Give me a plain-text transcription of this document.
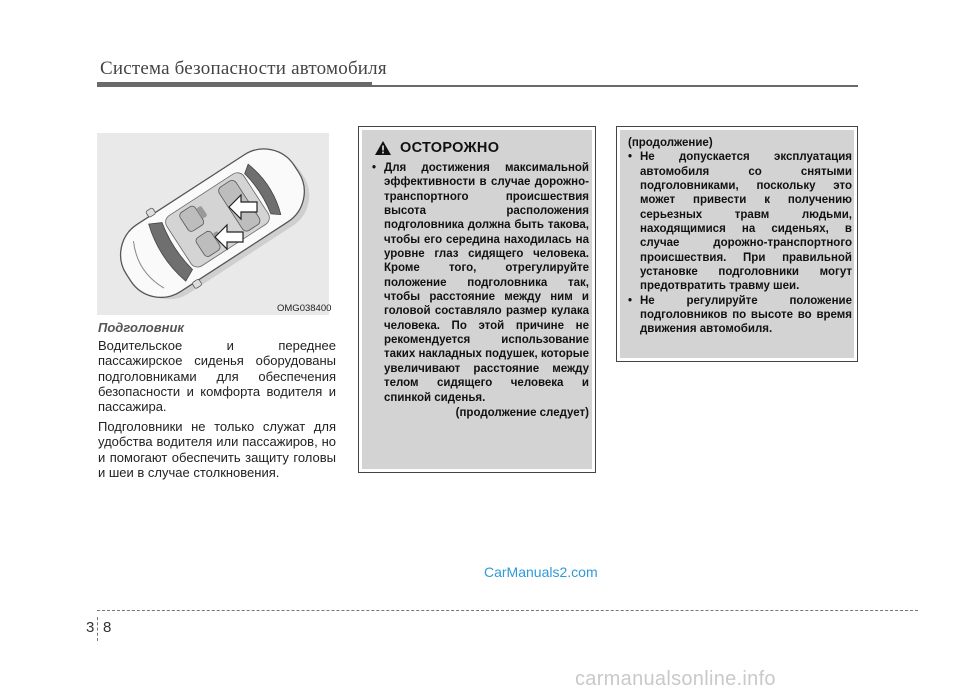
Система безопасности автомобиля
OMG038400
Подголовник

Водительское и переднее пассажирское сиденья оборудованы подголовниками для обеспечения безопасности и комфорта водителя и пассажира.

Подголовники не только служат для удобства водителя или пассажиров, но и помогают обеспечить защиту головы и шеи в случае столкновения.

ОСТОРОЖНО
• Для достижения максимальной эффективности в случае дорожно-транспортного происшествия высота расположения подголовника должна быть такова, чтобы его середина находилась на уровне глаз сидящего человека. Кроме того, отрегулируйте положение подголовника так, чтобы расстояние между ним и головой составляло размер кулака человека. По этой причине не рекомендуется использование таких накладных подушек, которые увеличивают расстояние между телом сидящего человека и спинкой сиденья.
(продолжение следует)
(продолжение)
• Не допускается эксплуатация автомобиля со снятыми подголовниками, поскольку это может привести к получению серьезных травм людьми, находящимися на сиденьях, в случае дорожно-транспортного происшествия. При правильной установке подголовники могут предотвратить травму шеи.
• Не регулируйте положение подголовников по высоте во время движения автомобиля.
CarManuals2.com
3 8
carmanualsonline.info
